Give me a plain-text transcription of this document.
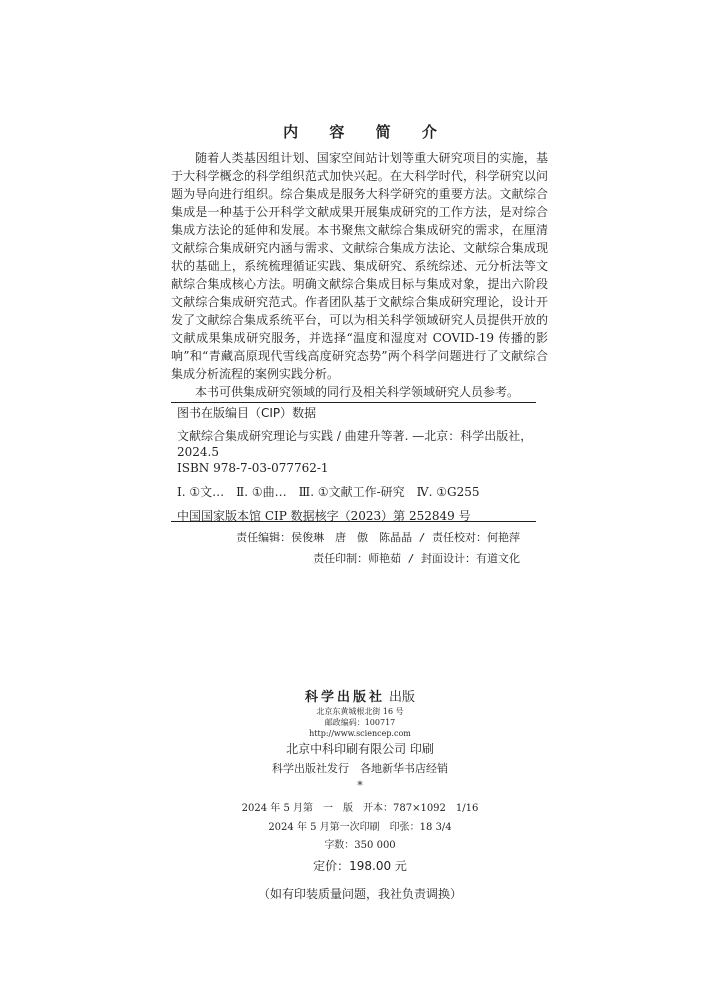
内 容 简 介

随着人类基因组计划、国家空间站计划等重大研究项目的实施，基于大科学概念的科学组织范式加快兴起。在大科学时代，科学研究以问题为导向进行组织。综合集成是服务大科学研究的重要方法。文献综合集成是一种基于公开科学文献成果开展集成研究的工作方法，是对综合集成方法论的延伸和发展。本书聚焦文献综合集成研究的需求，在厘清文献综合集成研究内涵与需求、文献综合集成方法论、文献综合集成现状的基础上，系统梳理循证实践、集成研究、系统综述、元分析法等文献综合集成核心方法。明确文献综合集成目标与集成对象，提出六阶段文献综合集成研究范式。作者团队基于文献综合集成研究理论，设计开发了文献综合集成系统平台，可以为相关科学领域研究人员提供开放的文献成果集成研究服务，并选择“温度和湿度对 COVID-19 传播的影响”和“青藏高原现代雪线高度研究态势”两个科学问题进行了文献综合集成分析流程的案例实践分析。

本书可供集成研究领域的同行及相关科学领域研究人员参考。

图书在版编目（CIP）数据
文献综合集成研究理论与实践 / 曲建升等著. —北京：科学出版社，
2024.5
ISBN 978-7-03-077762-1
Ⅰ. ①文…　Ⅱ. ①曲…　Ⅲ. ①文献工作-研究　Ⅳ. ①G255
中国国家版本馆 CIP 数据核字（2023）第 252849 号
责任编辑：侯俊琳　唐　傲　陈晶晶 / 责任校对：何艳萍
责任印制：师艳茹 / 封面设计：有道文化
科学出版社 出版
北京东黄城根北街 16 号
邮政编码：100717
http://www.sciencep.com
北京中科印刷有限公司 印刷
科学出版社发行　各地新华书店经销
*
2024 年 5 月第　一　版　开本：787×1092　1/16
2024 年 5 月第一次印刷　印张：18 3/4
字数：350 000
定价：198.00 元
（如有印装质量问题，我社负责调换）
